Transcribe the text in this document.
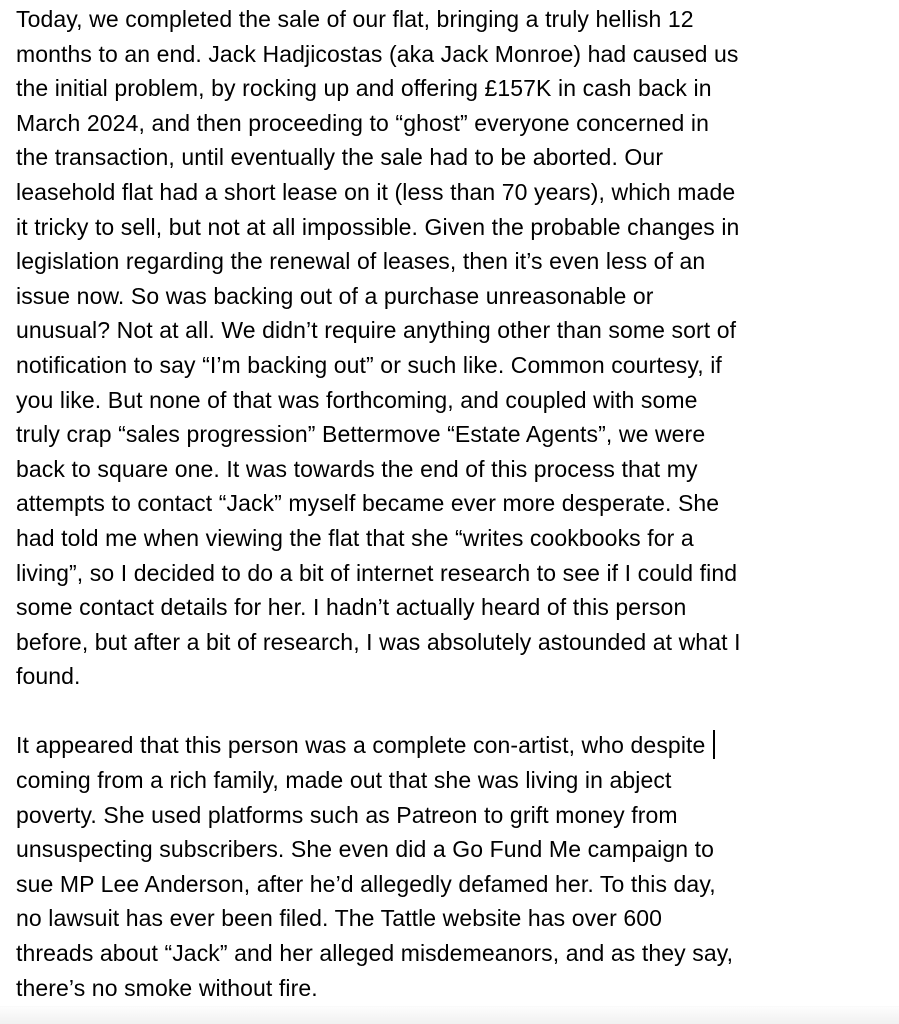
Today, we completed the sale of our flat, bringing a truly hellish 12
months to an end. Jack Hadjicostas (aka Jack Monroe) had caused us
the initial problem, by rocking up and offering £157K in cash back in
March 2024, and then proceeding to “ghost” everyone concerned in
the transaction, until eventually the sale had to be aborted. Our
leasehold flat had a short lease on it (less than 70 years), which made
it tricky to sell, but not at all impossible. Given the probable changes in
legislation regarding the renewal of leases, then it’s even less of an
issue now. So was backing out of a purchase unreasonable or
unusual? Not at all. We didn’t require anything other than some sort of
notification to say “I’m backing out” or such like. Common courtesy, if
you like. But none of that was forthcoming, and coupled with some
truly crap “sales progression” Bettermove “Estate Agents”, we were
back to square one. It was towards the end of this process that my
attempts to contact “Jack” myself became ever more desperate. She
had told me when viewing the flat that she “writes cookbooks for a
living”, so I decided to do a bit of internet research to see if I could find
some contact details for her. I hadn’t actually heard of this person
before, but after a bit of research, I was absolutely astounded at what I
found.

It appeared that this person was a complete con-artist, who despite
coming from a rich family, made out that she was living in abject
poverty. She used platforms such as Patreon to grift money from
unsuspecting subscribers. She even did a Go Fund Me campaign to
sue MP Lee Anderson, after he’d allegedly defamed her. To this day,
no lawsuit has ever been filed. The Tattle website has over 600
threads about “Jack” and her alleged misdemeanors, and as they say,
there’s no smoke without fire.
